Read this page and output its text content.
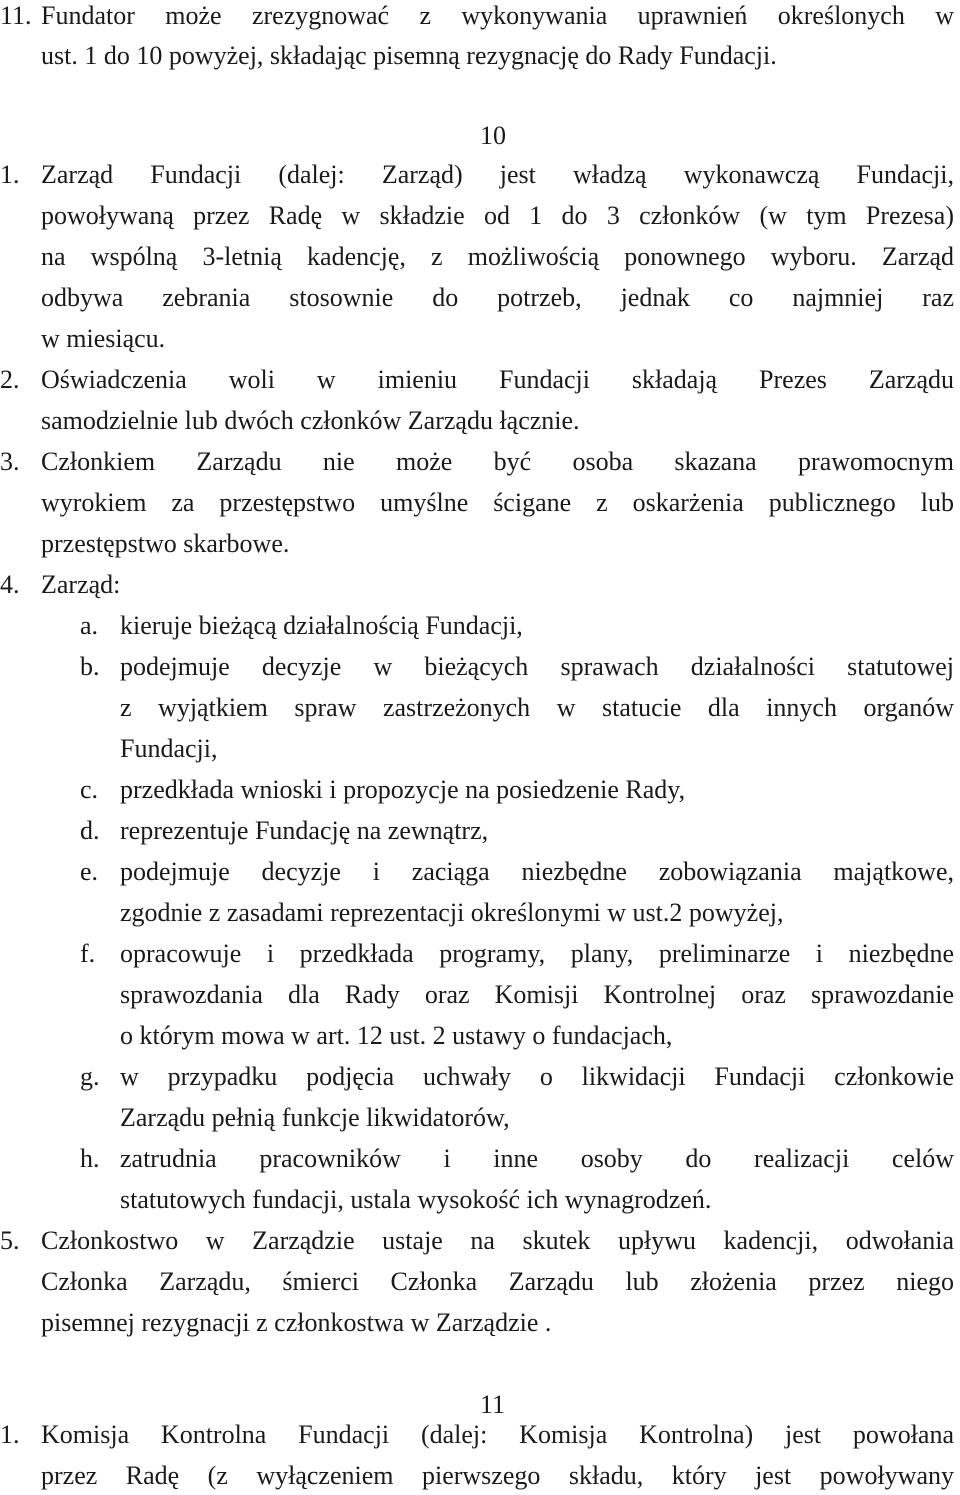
11. Fundator może zrezygnować z wykonywania uprawnień określonych w
ust. 1 do 10 powyżej, składając pisemną rezygnację do Rady Fundacji.
10
1. Zarząd Fundacji (dalej: Zarząd) jest władzą wykonawczą Fundacji,
powoływaną przez Radę w składzie od 1 do 3 członków (w tym Prezesa)
na wspólną 3-letnią kadencję, z możliwością ponownego wyboru. Zarząd
odbywa zebrania stosownie do potrzeb, jednak co najmniej raz
w miesiącu.
2. Oświadczenia woli w imieniu Fundacji składają Prezes Zarządu
samodzielnie lub dwóch członków Zarządu łącznie.
3. Członkiem Zarządu nie może być osoba skazana prawomocnym
wyrokiem za przestępstwo umyślne ścigane z oskarżenia publicznego lub
przestępstwo skarbowe.
4. Zarząd:
a. kieruje bieżącą działalnością Fundacji,
b. podejmuje decyzje w bieżących sprawach działalności statutowej
z wyjątkiem spraw zastrzeżonych w statucie dla innych organów
Fundacji,
c. przedkłada wnioski i propozycje na posiedzenie Rady,
d. reprezentuje Fundację na zewnątrz,
e. podejmuje decyzje i zaciąga niezbędne zobowiązania majątkowe,
zgodnie z zasadami reprezentacji określonymi w ust.2 powyżej,
f. opracowuje i przedkłada programy, plany, preliminarze i niezbędne
sprawozdania dla Rady oraz Komisji Kontrolnej oraz sprawozdanie
o którym mowa w art. 12 ust. 2 ustawy o fundacjach,
g. w przypadku podjęcia uchwały o likwidacji Fundacji członkowie
Zarządu pełnią funkcje likwidatorów,
h. zatrudnia pracowników i inne osoby do realizacji celów
statutowych fundacji, ustala wysokość ich wynagrodzeń.
5. Członkostwo w Zarządzie ustaje na skutek upływu kadencji, odwołania
Członka Zarządu, śmierci Członka Zarządu lub złożenia przez niego
pisemnej rezygnacji z członkostwa w Zarządzie .
11
1. Komisja Kontrolna Fundacji (dalej: Komisja Kontrolna) jest powołana
przez Radę (z wyłączeniem pierwszego składu, który jest powoływany
